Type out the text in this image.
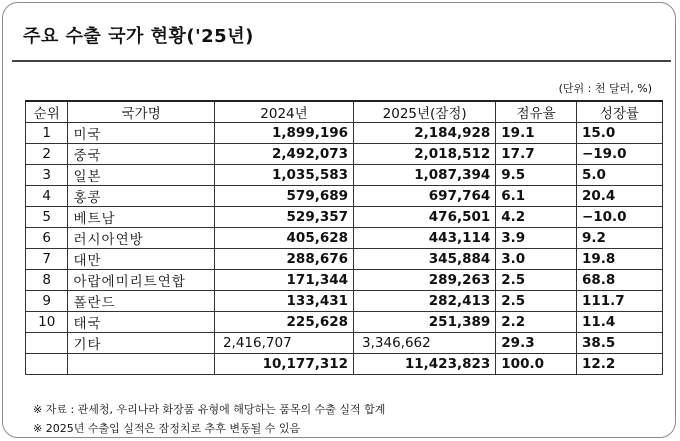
주요 수출 국가 현황('25년)
(단위 : 천 달러, %)
순위	국가명	2024년	2025년(잠정)	점유율	성장률
1	미국	1,899,196	2,184,928	19.1	15.0
2	중국	2,492,073	2,018,512	17.7	−19.0
3	일본	1,035,583	1,087,394	9.5	5.0
4	홍콩	579,689	697,764	6.1	20.4
5	베트남	529,357	476,501	4.2	−10.0
6	러시아연방	405,628	443,114	3.9	9.2
7	대만	288,676	345,884	3.0	19.8
8	아랍에미리트연합	171,344	289,263	2.5	68.8
9	폴란드	133,431	282,413	2.5	111.7
10	태국	225,628	251,389	2.2	11.4
	기타	2,416,707	3,346,662	29.3	38.5
		10,177,312	11,423,823	100.0	12.2
※ 자료 : 관세청, 우리나라 화장품 유형에 해당하는 품목의 수출 실적 합계
※ 2025년 수출입 실적은 잠정치로 추후 변동될 수 있음
